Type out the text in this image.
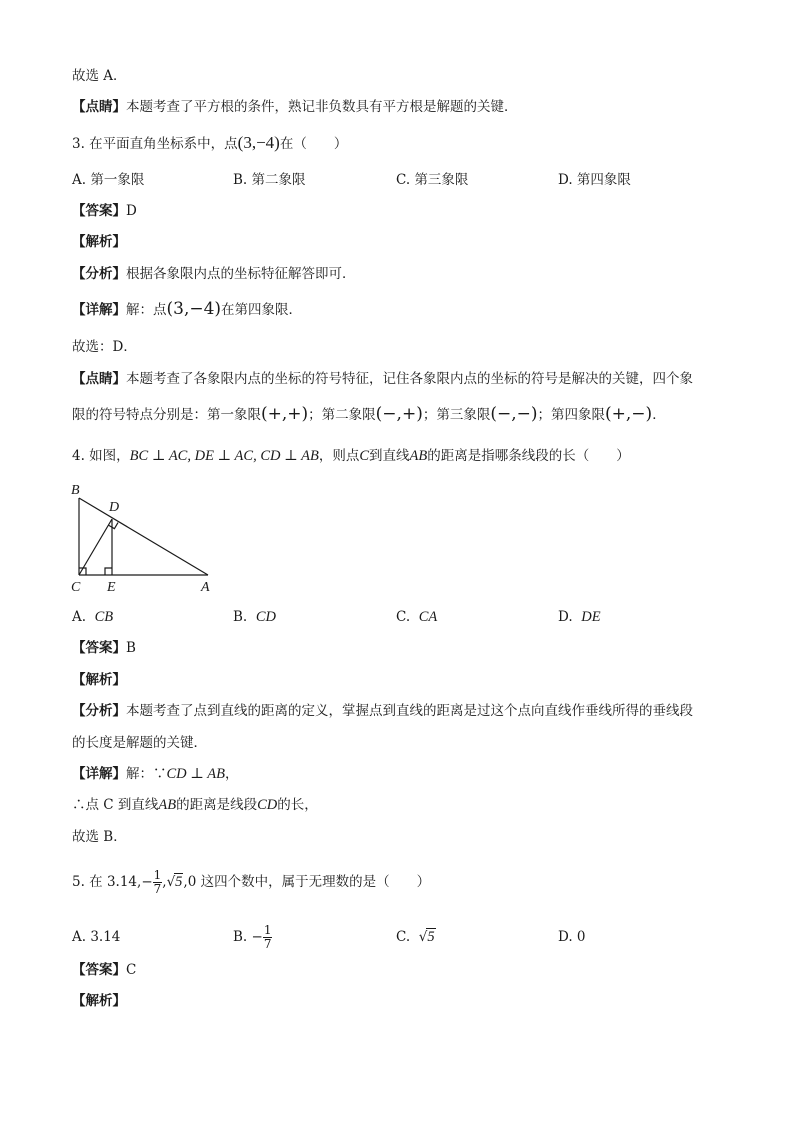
故选 A．
【点睛】本题考查了平方根的条件，熟记非负数具有平方根是解题的关键．
3. 在平面直角坐标系中，点(3,−4)在（　　）
A. 第一象限	B. 第二象限	C. 第三象限	D. 第四象限
【答案】D
【解析】
【分析】根据各象限内点的坐标特征解答即可．
【详解】解：点(3,−4)在第四象限．
故选：D．
【点睛】本题考查了各象限内点的坐标的符号特征，记住各象限内点的坐标的符号是解决的关键，四个象
限的符号特点分别是：第一象限(+,+)；第二象限(−,+)；第三象限(−,−)；第四象限(+,−)．
4. 如图，BC ⊥ AC, DE ⊥ AC, CD ⊥ AB，则点C到直线AB的距离是指哪条线段的长（　　）
B
D
C E	A
A. CB	B. CD	C. CA	D. DE
【答案】B
【解析】
【分析】本题考查了点到直线的距离的定义，掌握点到直线的距离是过这个点向直线作垂线所得的垂线段
的长度是解题的关键．
【详解】解：∵CD ⊥ AB，
∴点 C 到直线AB的距离是线段CD的长，
故选 B．
5. 在 $3.14,- \frac{1}{7} ,√5,0$ 这四个数中，属于无理数的是（　　）
A. 3.14	B. − $\frac{1}{7}$	C.  √5	D. 0
【答案】C
【解析】
